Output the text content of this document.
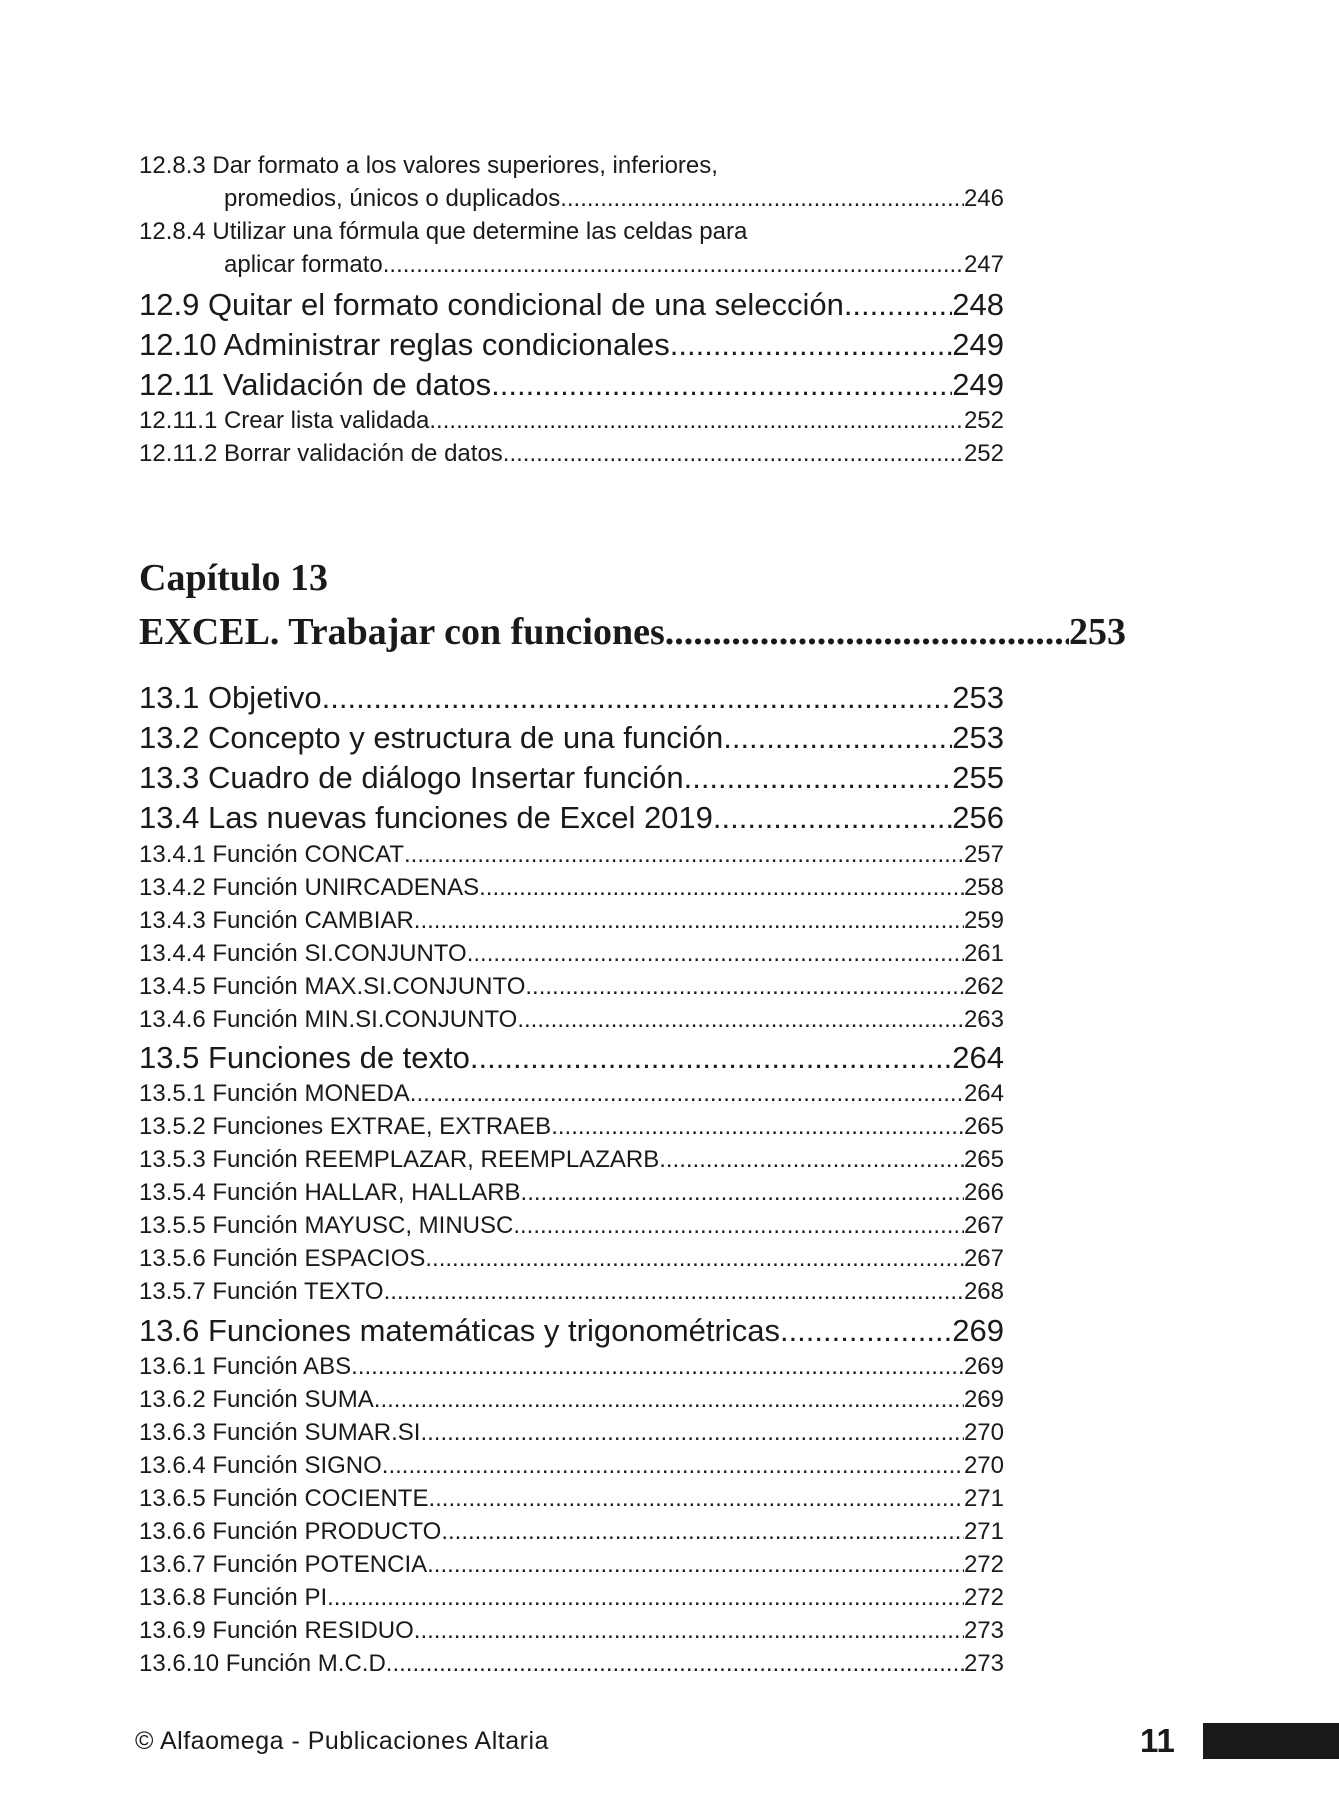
12.8.3 Dar formato a los valores superiores, inferiores,
promedios, únicos o duplicados .....	246
12.8.4 Utilizar una fórmula que determine las celdas para
aplicar formato .....	247
12.9 Quitar el formato condicional de una selección .....	248
12.10 Administrar reglas condicionales .....	249
12.11 Validación de datos .....	249
12.11.1 Crear lista validada .....	252
12.11.2 Borrar validación de datos .....	252
Capítulo 13
EXCEL. Trabajar con funciones .....	253
13.1 Objetivo .....	253
13.2 Concepto y estructura de una función .....	253
13.3 Cuadro de diálogo Insertar función .....	255
13.4 Las nuevas funciones de Excel 2019 .....	256
13.4.1 Función CONCAT .....	257
13.4.2 Función UNIRCADENAS .....	258
13.4.3 Función CAMBIAR .....	259
13.4.4 Función SI.CONJUNTO .....	261
13.4.5 Función MAX.SI.CONJUNTO .....	262
13.4.6 Función MIN.SI.CONJUNTO .....	263
13.5 Funciones de texto .....	264
13.5.1 Función MONEDA .....	264
13.5.2 Funciones EXTRAE, EXTRAEB .....	265
13.5.3 Función REEMPLAZAR, REEMPLAZARB .....	265
13.5.4 Función HALLAR, HALLARB .....	266
13.5.5 Función MAYUSC, MINUSC .....	267
13.5.6 Función ESPACIOS .....	267
13.5.7 Función TEXTO .....	268
13.6 Funciones matemáticas y trigonométricas .....	269
13.6.1 Función ABS .....	269
13.6.2 Función SUMA .....	269
13.6.3 Función SUMAR.SI .....	270
13.6.4 Función SIGNO .....	270
13.6.5 Función COCIENTE .....	271
13.6.6 Función PRODUCTO .....	271
13.6.7 Función POTENCIA .....	272
13.6.8 Función PI .....	272
13.6.9 Función RESIDUO .....	273
13.6.10 Función M.C.D. .....	273
© Alfaomega - Publicaciones Altaria	11
